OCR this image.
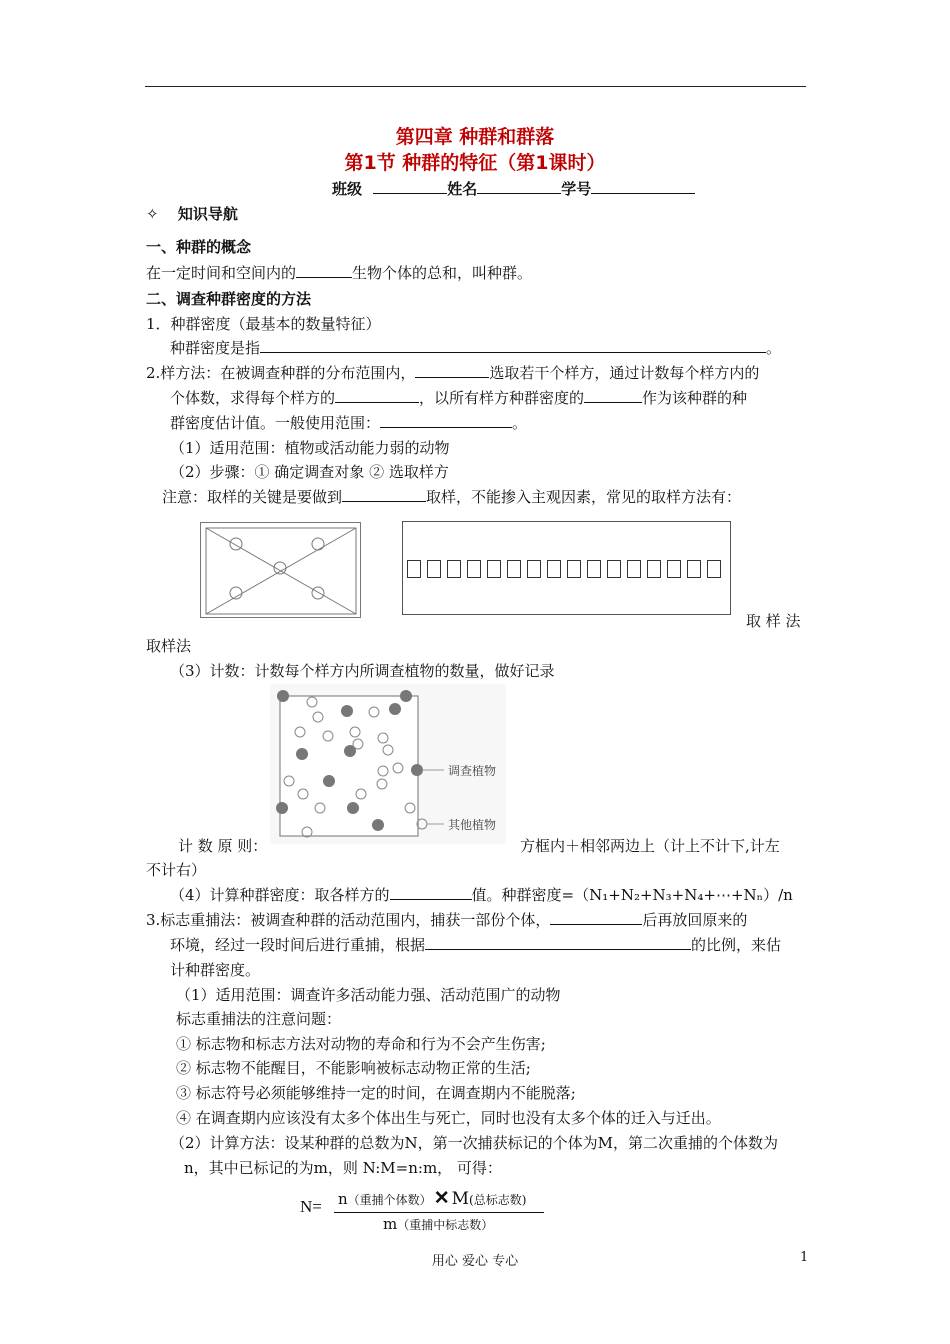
第四章 种群和群落
第1节 种群的特征（第1课时）
班级	姓名	学号
✧ 知识导航
一、种群的概念
在一定时间和空间内的	生物个体的总和，叫种群。
二、调查种群密度的方法
1．种群密度（最基本的数量特征）
种群密度是指	。
2.样方法：在被调查种群的分布范围内，	选取若干个样方，通过计数每个样方内的
个体数，求得每个样方的	，以所有样方种群密度的	作为该种群的种
群密度估计值。一般使用范围：	。
（1）适用范围：植物或活动能力弱的动物
（2）步骤：① 确定调查对象 ② 选取样方
注意：取样的关键是要做到	取样，不能掺入主观因素，常见的取样方法有：
取 样 法
取样法
（3）计数：计数每个样方内所调查植物的数量，做好记录
调查植物
其他植物
计 数 原 则：	方框内＋相邻两边上（计上不计下,计左
不计右）
（4）计算种群密度：取各样方的	值。种群密度=（N₁+N₂+N₃+N₄+⋯+Nₙ）/n
3.标志重捕法：被调查种群的活动范围内，捕获一部份个体，	后再放回原来的
环境，经过一段时间后进行重捕，根据	的比例，来估
计种群密度。
（1）适用范围：调查许多活动能力强、活动范围广的动物
标志重捕法的注意问题：
① 标志物和标志方法对动物的寿命和行为不会产生伤害;
② 标志物不能醒目，不能影响被标志动物正常的生活;
③ 标志符号必须能够维持一定的时间，在调查期内不能脱落;
④ 在调查期内应该没有太多个体出生与死亡，同时也没有太多个体的迁入与迁出。
（2）计算方法：设某种群的总数为N，第一次捕获标记的个体为M，第二次重捕的个体数为
n，其中已标记的为m，则 N:M=n:m， 可得：
N= n（重捕个体数） ✕ M(总标志数)
m（重捕中标志数）
用心 爱心 专心	1
